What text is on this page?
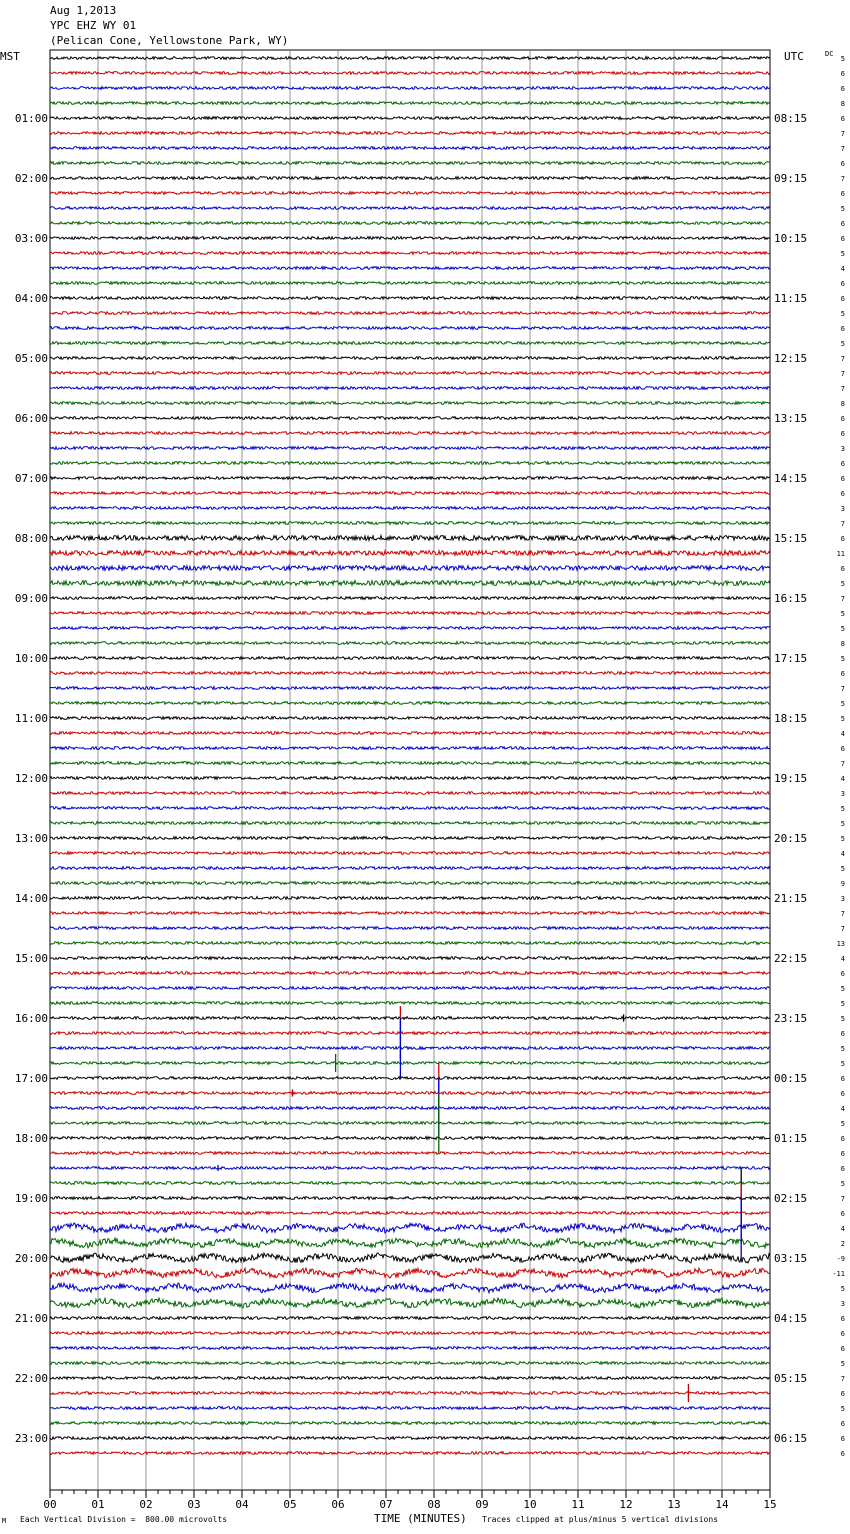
Aug 1,2013
YPC EHZ WY 01
(Pelican Cone, Yellowstone Park, WY)
00	01	02	03	04	05	06	07	08	09	10	11	12	13	14	15
5
6
6
8
6
7
7
6
7
6
5
6
6
5
4
6
6
5
6
5
7
7
7
8
6
6
3
6
6
6
3
7
6
11
6
5
7
5
5
8
5
6
7
5
5
4
6
7
4
3
5
5
5
4
5
9
3
7
7
13
4
6
5
5
5
6
5
5
6
6
4
5
6
6
6
5
7
6
4
2
-9
-11
5
3
6
6
6
5
7
6
5
6
6
6
01:00
02:00
03:00
04:00
05:00
06:00
07:00
08:00
09:00
10:00
11:00
12:00
13:00
14:00
15:00
16:00
17:00
18:00
19:00
20:00
21:00
22:00
23:00
08:15
09:15
10:15
11:15
12:15
13:15
14:15
15:15
16:15
17:15
18:15
19:15
20:15
21:15
22:15
23:15
00:15
01:15
02:15
03:15
04:15
05:15
06:15
MST	UTC	DC
M Each Vertical Division =  800.00 microvolts	TIME (MINUTES) Traces clipped at plus/minus 5 vertical divisions
